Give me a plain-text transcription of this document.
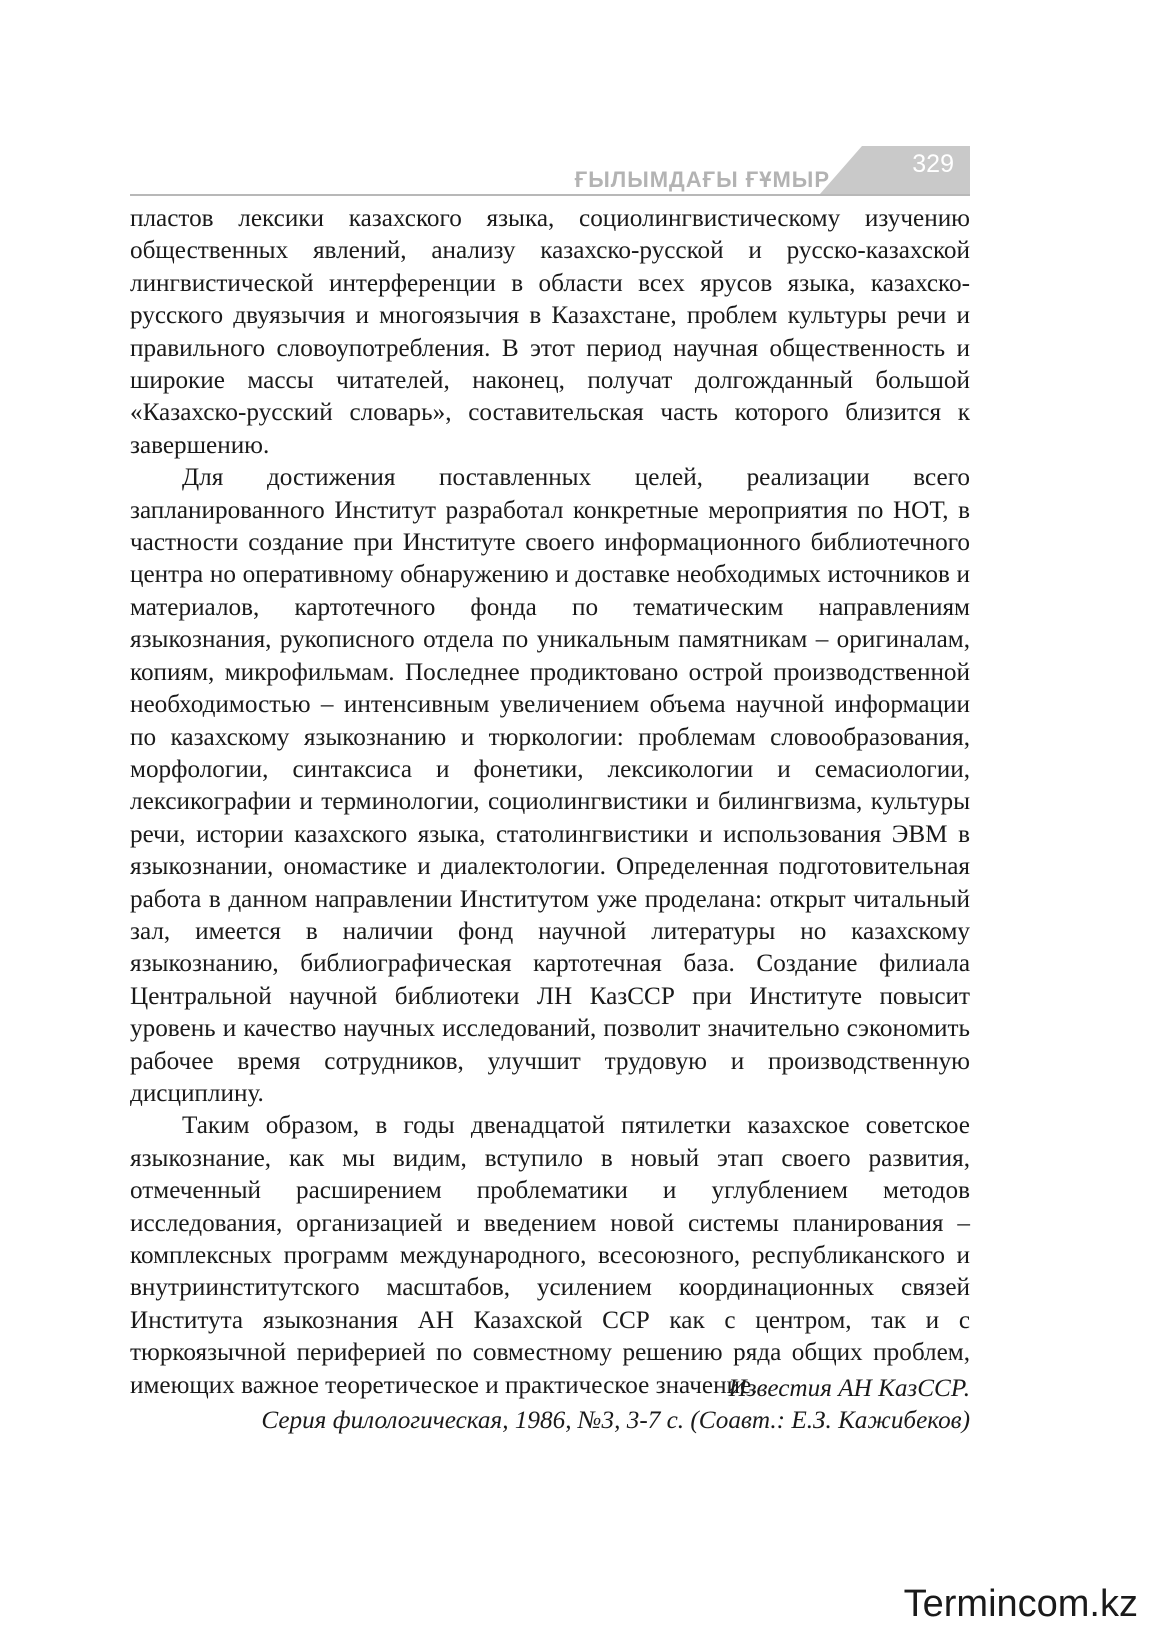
ҒЫЛЫМДАҒЫ ҒҰМЫР
329

пластов лексики казахского языка, социолингвистическому изучению общественных явлений, анализу казахско-русской и русско-казахской лингвистической интерференции в области всех ярусов языка, казахско-русского двуязычия и многоязычия в Казахстане, проблем культуры речи и правильного словоупотребления. В этот период научная общественность и широкие массы читателей, наконец, получат долгожданный большой «Казахско-русский словарь», составительская часть которого близится к завершению.

Для достижения поставленных целей, реализации всего запланированного Институт разработал конкретные мероприятия по НОТ, в частности создание при Институте своего информационного библиотечного центра но оперативному обнаружению и доставке необходимых источников и материалов, картотечного фонда по тематическим направлениям языкознания, рукописного отдела по уникальным памятникам – оригиналам, копиям, микрофильмам. Последнее продиктовано острой производственной необходимостью – интенсивным увеличением объема научной информации по казахскому языкознанию и тюркологии: проблемам словообразования, морфологии, синтаксиса и фонетики, лексикологии и семасиологии, лексикографии и терминологии, социолингвистики и билингвизма, культуры речи, истории казахского языка, статолингвистики и использования ЭВМ в языкознании, ономастике и диалектологии. Определенная подготовительная работа в данном направлении Институтом уже проделана: открыт читальный зал, имеется в наличии фонд научной литературы но казахскому языкознанию, библиографическая картотечная база. Создание филиала Центральной научной библиотеки ЛН КазССР при Институте повысит уровень и качество научных исследований, позволит значительно сэкономить рабочее время сотрудников, улучшит трудовую и производственную дисциплину.

Таким образом, в годы двенадцатой пятилетки казахское советское языкознание, как мы видим, вступило в новый этап своего развития, отмеченный расширением проблематики и углублением методов исследования, организацией и введением новой системы планирования – комплексных программ международного, всесоюзного, республиканского и внутриинститутского масштабов, усилением координационных связей Института языкознания АН Казахской ССР как с центром, так и с тюркоязычной периферией по совместному решению ряда общих проблем, имеющих важное теоретическое и практическое значение.

Известия АН КазССР.
Серия филологическая, 1986, №3, 3-7 с. (Соавт.: Е.З. Кажибеков)
Termincom.kz
